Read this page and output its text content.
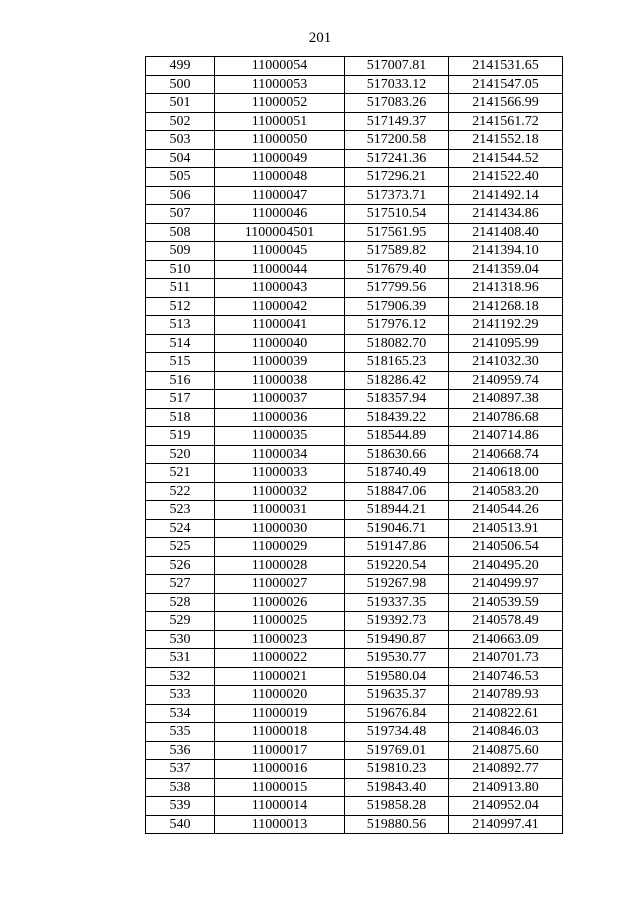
201
499	11000054	517007.81	2141531.65
500	11000053	517033.12	2141547.05
501	11000052	517083.26	2141566.99
502	11000051	517149.37	2141561.72
503	11000050	517200.58	2141552.18
504	11000049	517241.36	2141544.52
505	11000048	517296.21	2141522.40
506	11000047	517373.71	2141492.14
507	11000046	517510.54	2141434.86
508	1100004501	517561.95	2141408.40
509	11000045	517589.82	2141394.10
510	11000044	517679.40	2141359.04
511	11000043	517799.56	2141318.96
512	11000042	517906.39	2141268.18
513	11000041	517976.12	2141192.29
514	11000040	518082.70	2141095.99
515	11000039	518165.23	2141032.30
516	11000038	518286.42	2140959.74
517	11000037	518357.94	2140897.38
518	11000036	518439.22	2140786.68
519	11000035	518544.89	2140714.86
520	11000034	518630.66	2140668.74
521	11000033	518740.49	2140618.00
522	11000032	518847.06	2140583.20
523	11000031	518944.21	2140544.26
524	11000030	519046.71	2140513.91
525	11000029	519147.86	2140506.54
526	11000028	519220.54	2140495.20
527	11000027	519267.98	2140499.97
528	11000026	519337.35	2140539.59
529	11000025	519392.73	2140578.49
530	11000023	519490.87	2140663.09
531	11000022	519530.77	2140701.73
532	11000021	519580.04	2140746.53
533	11000020	519635.37	2140789.93
534	11000019	519676.84	2140822.61
535	11000018	519734.48	2140846.03
536	11000017	519769.01	2140875.60
537	11000016	519810.23	2140892.77
538	11000015	519843.40	2140913.80
539	11000014	519858.28	2140952.04
540	11000013	519880.56	2140997.41
